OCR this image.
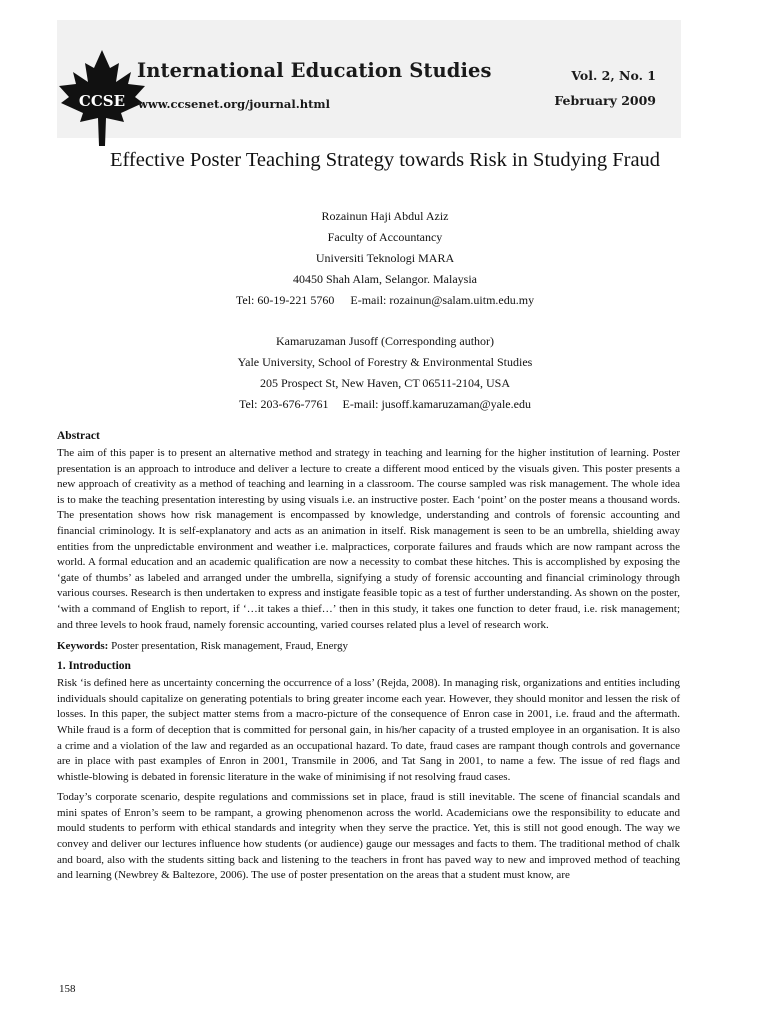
CCSE
International Education Studies
www.ccsenet.org/journal.html
Vol. 2, No. 1
February 2009
Effective Poster Teaching Strategy towards Risk in Studying Fraud
Rozainun Haji Abdul Aziz
Faculty of Accountancy
Universiti Teknologi MARA
40450 Shah Alam, Selangor. Malaysia
Tel: 60-19-221 5760 E-mail: rozainun@salam.uitm.edu.my
Kamaruzaman Jusoff (Corresponding author)
Yale University, School of Forestry & Environmental Studies
205 Prospect St, New Haven, CT 06511-2104, USA
Tel: 203-676-7761 E-mail: jusoff.kamaruzaman@yale.edu
Abstract

The aim of this paper is to present an alternative method and strategy in teaching and learning for the higher institution of learning. Poster presentation is an approach to introduce and deliver a lecture to create a different mood enticed by the visuals given. This poster presents a new approach of creativity as a method of teaching and learning in a classroom. The course sampled was risk management. The whole idea is to make the teaching presentation interesting by using visuals i.e. an instructive poster. Each ‘point’ on the poster means a thousand words. The presentation shows how risk management is encompassed by knowledge, understanding and controls of forensic accounting and financial criminology. It is self-explanatory and acts as an animation in itself. Risk management is seen to be an umbrella, shielding away entities from the unpredictable environment and weather i.e. malpractices, corporate failures and frauds which are now rampant across the world. A formal education and an academic qualification are now a necessity to combat these hitches. This is accomplished by exposing the ‘gate of thumbs’ as labeled and arranged under the umbrella, signifying a study of forensic accounting and financial criminology through various courses. Research is then undertaken to express and instigate feasible topic as a test of further understanding. As shown on the poster, ‘with a command of English to report, if ‘…it takes a thief…’ then in this study, it takes one function to deter fraud, i.e. risk management; and three levels to hook fraud, namely forensic accounting, varied courses related plus a level of research work.

Keywords: Poster presentation, Risk management, Fraud, Energy

1. Introduction

Risk ‘is defined here as uncertainty concerning the occurrence of a loss’ (Rejda, 2008). In managing risk, organizations and entities including individuals should capitalize on generating potentials to bring greater income each year. However, they should monitor and lessen the risk of losses. In this paper, the subject matter stems from a macro-picture of the consequence of Enron case in 2001, i.e. fraud and the aftermath. While fraud is a form of deception that is committed for personal gain, in his/her capacity of a trusted employee in an organisation. It is also a crime and a violation of the law and regarded as an occupational hazard. To date, fraud cases are rampant though controls and governance are in place with past examples of Enron in 2001, Transmile in 2006, and Tat Sang in 2001, to name a few. The issue of red flags and whistle-blowing is debated in forensic literature in the wake of minimising if not resolving fraud cases.

Today’s corporate scenario, despite regulations and commissions set in place, fraud is still inevitable. The scene of financial scandals and mini spates of Enron’s seem to be rampant, a growing phenomenon across the world. Academicians owe the responsibility to educate and mould students to perform with ethical standards and integrity when they serve the practice. Yet, this is still not good enough. The way we convey and deliver our lectures influence how students (or audience) gauge our messages and facts to them. The traditional method of chalk and board, also with the students sitting back and listening to the teachers in front has paved way to new and improved method of teaching and learning (Newbrey & Baltezore, 2006). The use of poster presentation on the areas that a student must know, are

158
